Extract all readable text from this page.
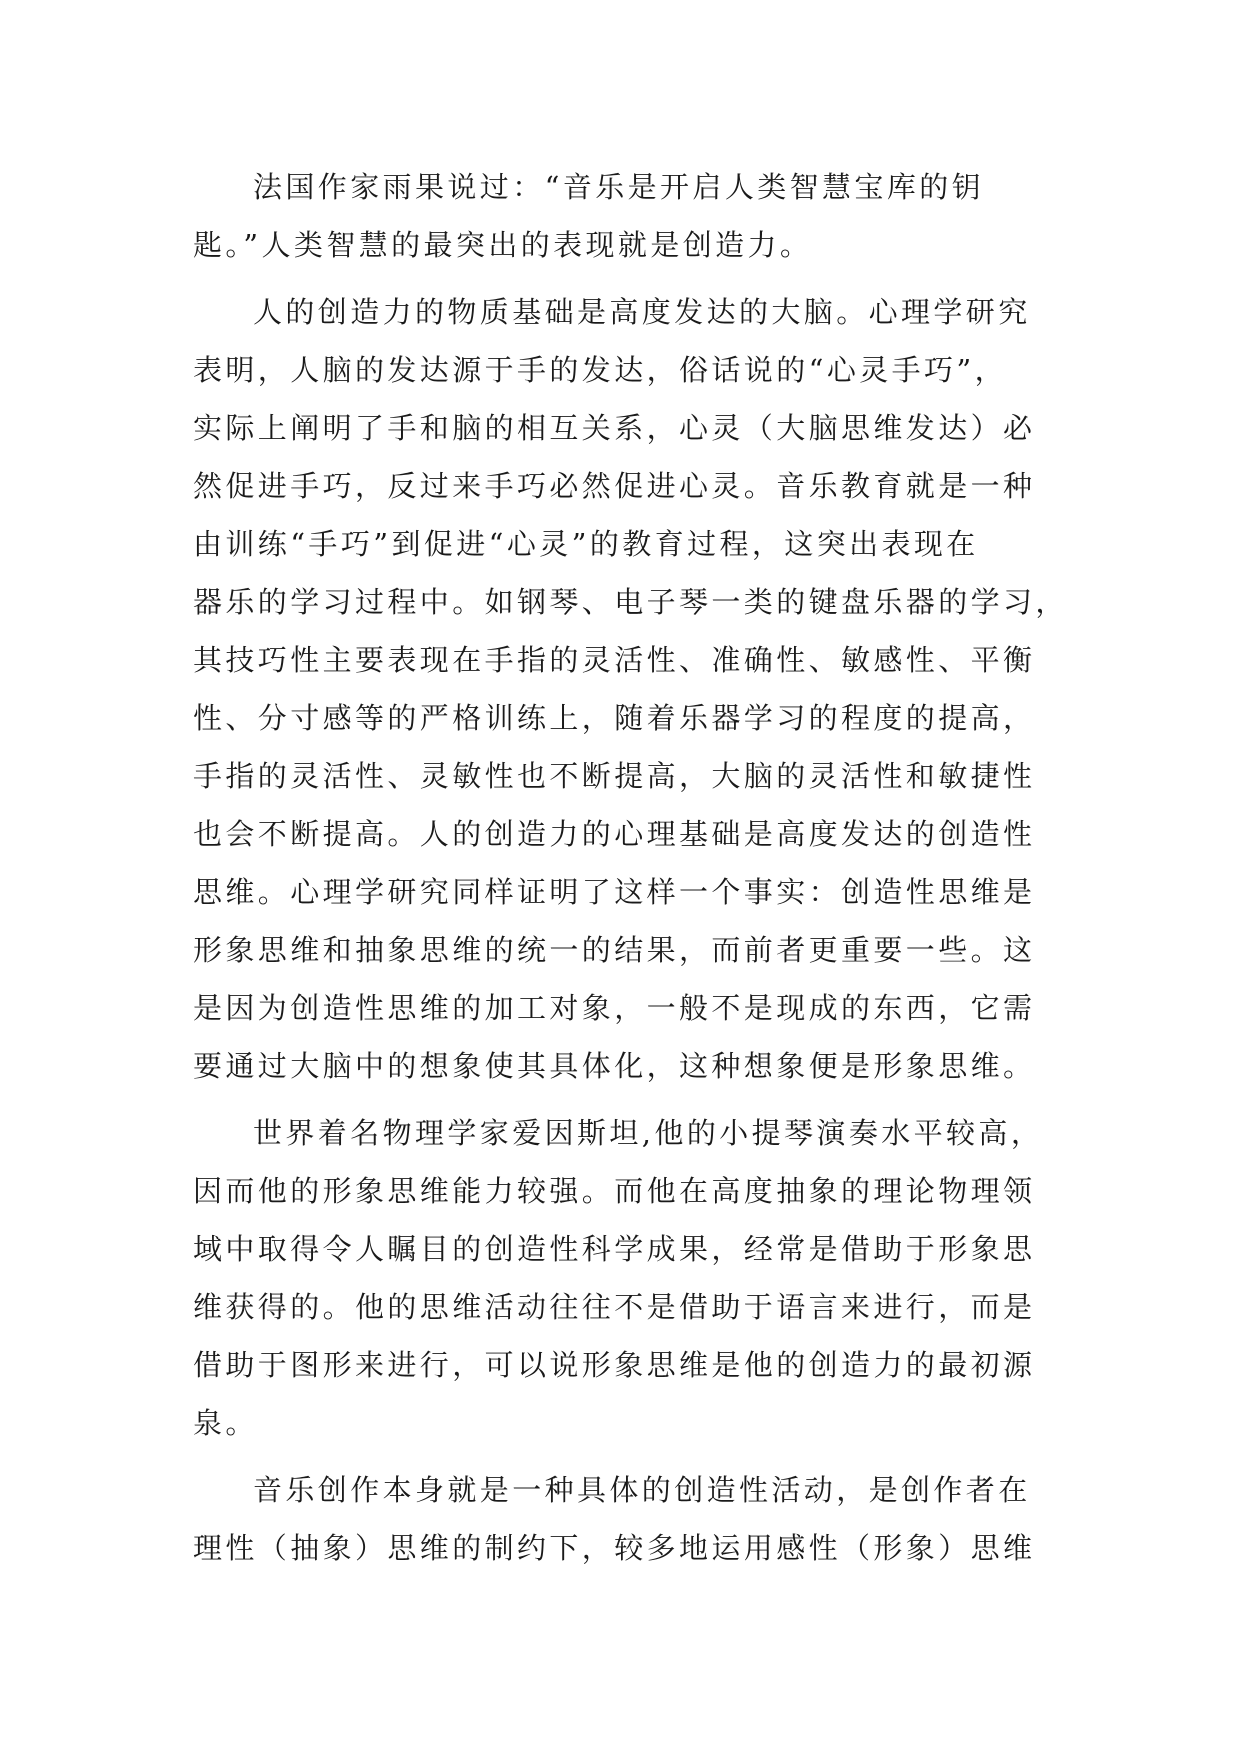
法国作家雨果说过：“音乐是开启人类智慧宝库的钥
匙。”人类智慧的最突出的表现就是创造力。
人的创造力的物质基础是高度发达的大脑。心理学研究
表明，人脑的发达源于手的发达，俗话说的“心灵手巧”，
实际上阐明了手和脑的相互关系，心灵（大脑思维发达）必
然促进手巧，反过来手巧必然促进心灵。音乐教育就是一种
由训练“手巧”到促进“心灵”的教育过程，这突出表现在
器乐的学习过程中。如钢琴、电子琴一类的键盘乐器的学习，
其技巧性主要表现在手指的灵活性、准确性、敏感性、平衡
性、分寸感等的严格训练上，随着乐器学习的程度的提高，
手指的灵活性、灵敏性也不断提高，大脑的灵活性和敏捷性
也会不断提高。人的创造力的心理基础是高度发达的创造性
思维。心理学研究同样证明了这样一个事实：创造性思维是
形象思维和抽象思维的统一的结果，而前者更重要一些。这
是因为创造性思维的加工对象，一般不是现成的东西，它需
要通过大脑中的想象使其具体化，这种想象便是形象思维。
世界着名物理学家爱因斯坦,他的小提琴演奏水平较高，
因而他的形象思维能力较强。而他在高度抽象的理论物理领
域中取得令人瞩目的创造性科学成果，经常是借助于形象思
维获得的。他的思维活动往往不是借助于语言来进行，而是
借助于图形来进行，可以说形象思维是他的创造力的最初源
泉。
音乐创作本身就是一种具体的创造性活动，是创作者在
理性（抽象）思维的制约下，较多地运用感性（形象）思维
